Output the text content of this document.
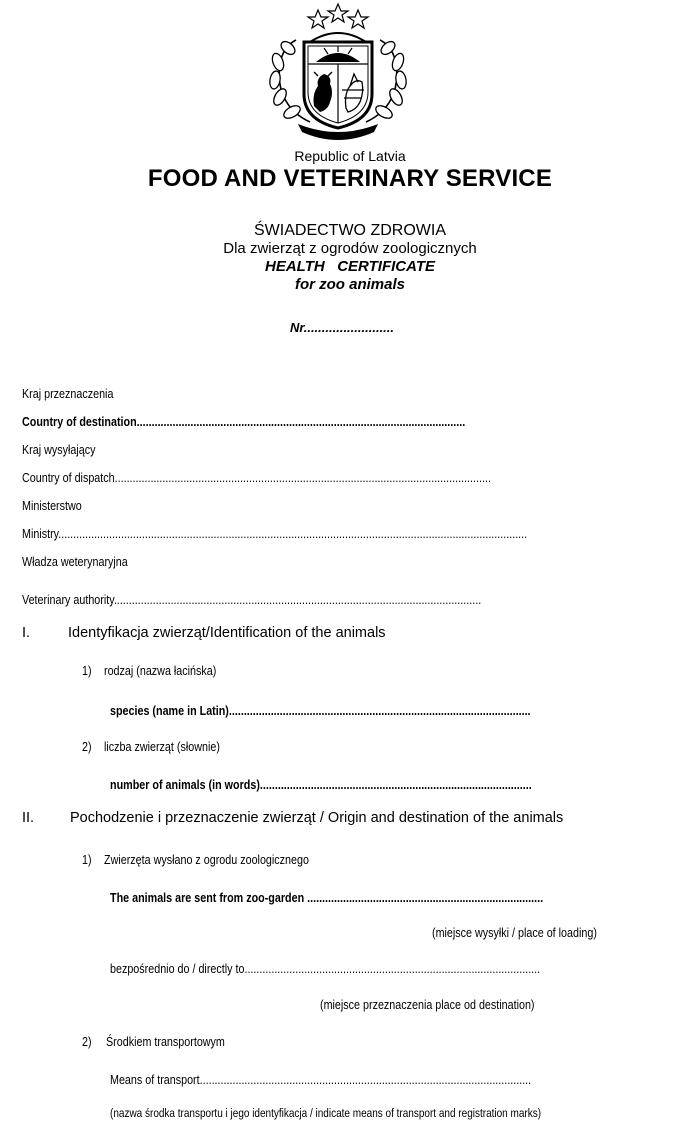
Republic of Latvia
FOOD AND VETERINARY SERVICE
ŚWIADECTWO ZDROWIA
Dla zwierząt z ogrodów zoologicznych
HEALTH   CERTIFICATE
for zoo animals
Nr.........................
Kraj przeznaczenia
Country of destination..............................................................................................................
Kraj wysyłający
Country of dispatch..............................................................................................................................
Ministerstwo
Ministry.............................................................................................................................................................
Władza weterynaryjna
Veterinary authority...........................................................................................................................
I.	Identyfikacja zwierząt/Identification of the animals
1) rodzaj (nazwa łacińska)
species (name in Latin).....................................................................................................
2) liczba zwierząt (słownie)
number of animals (in words)...........................................................................................
II. Pochodzenie i przeznaczenie zwierząt / Origin and destination of the animals
1) Zwierzęta wysłano z ogrodu zoologicznego
The animals are sent from zoo-garden ...............................................................................
(miejsce wysyłki / place of loading)
bezpośrednio do / directly to...................................................................................................
(miejsce przeznaczenia place od destination)
2) Środkiem transportowym
Means of transport...............................................................................................................
(nazwa środka transportu i jego identyfikacja / indicate means of transport and registration marks)
